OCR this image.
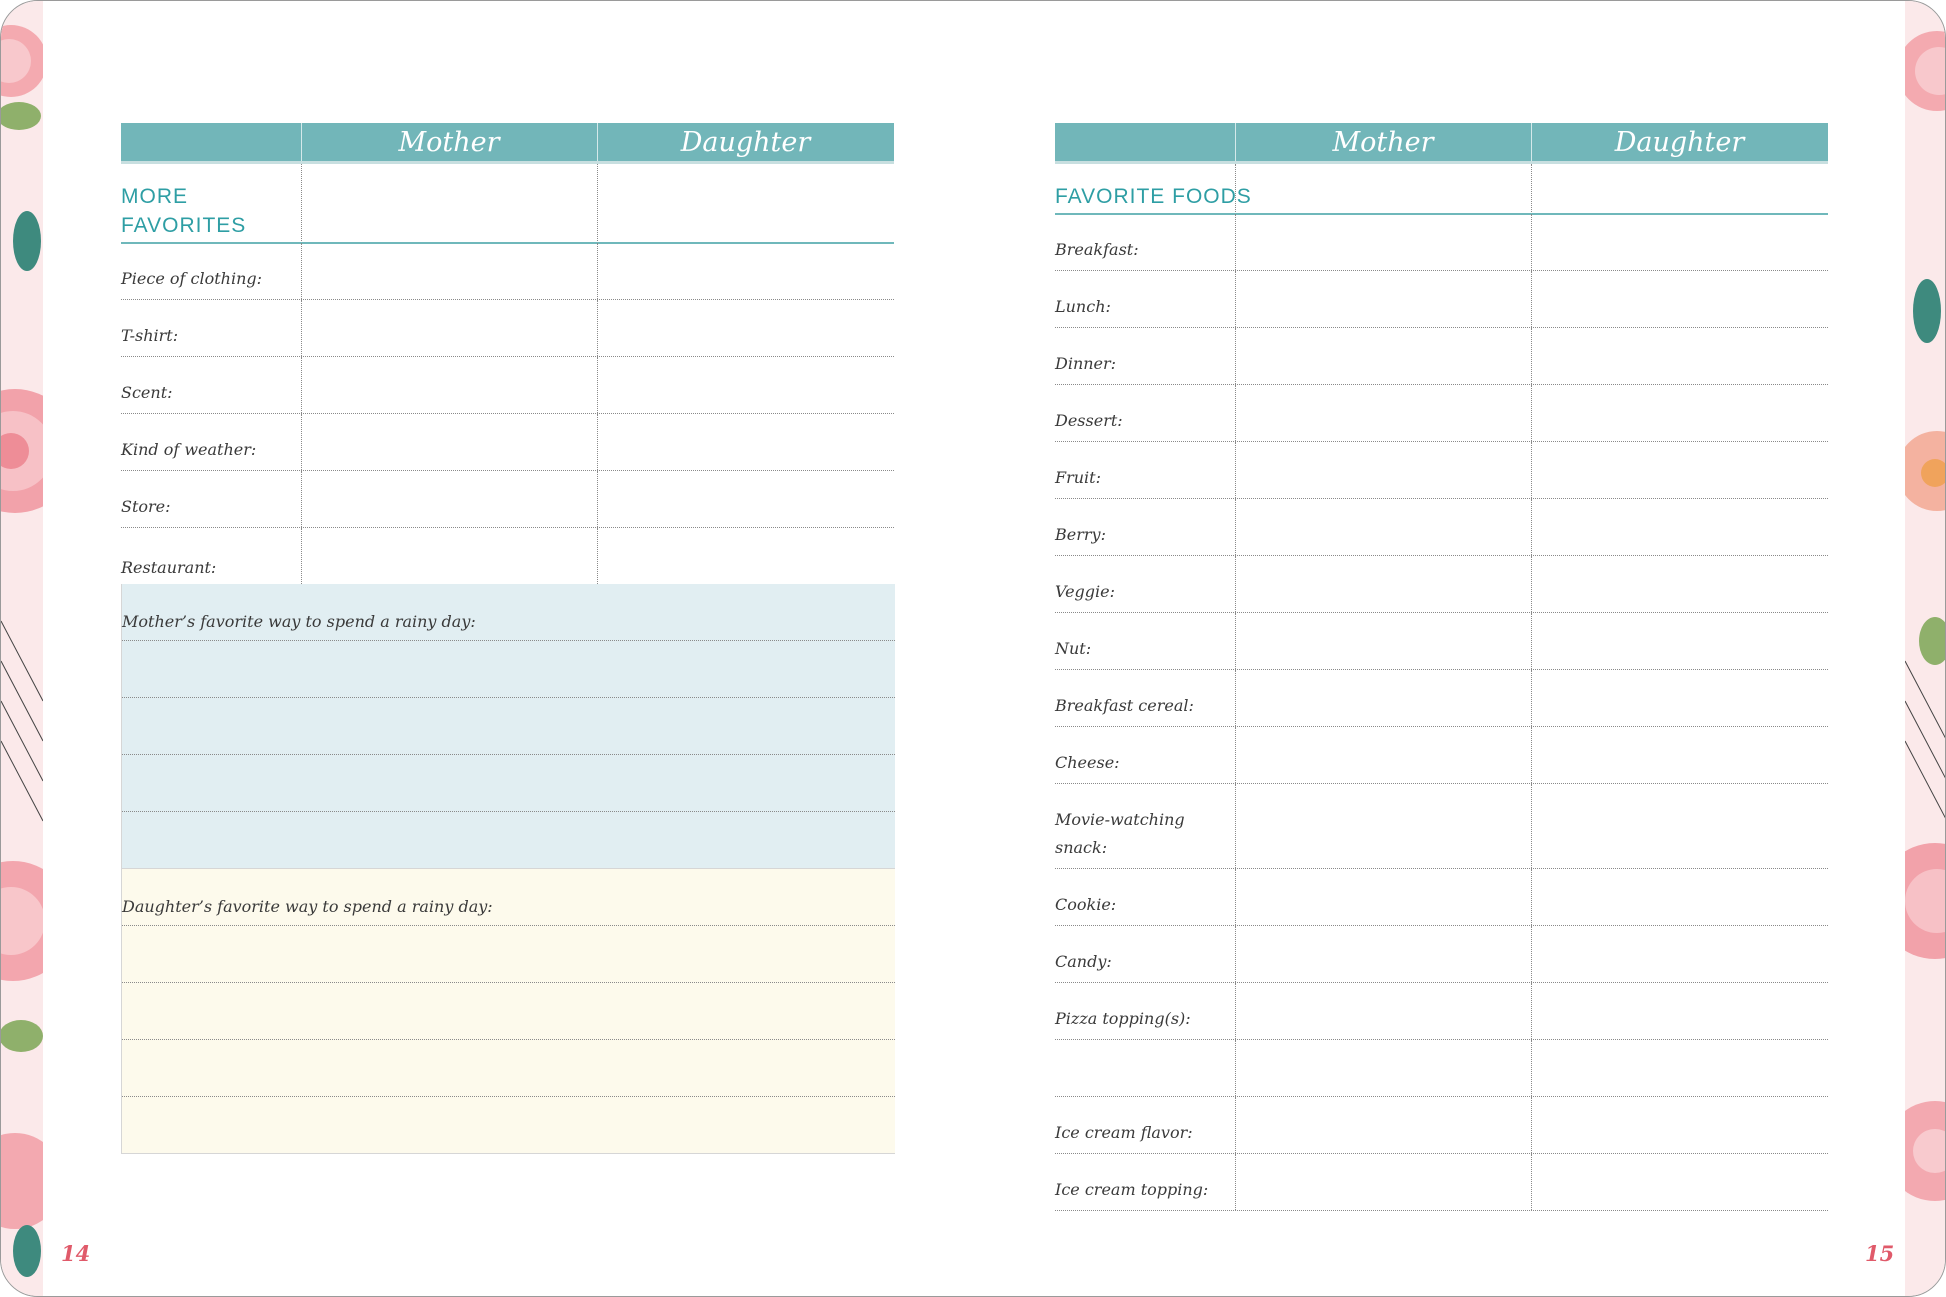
Mother	Daughter
MORE
FAVORITES
Piece of clothing:
T-shirt:
Scent:
Kind of weather:
Store:
Restaurant:
Mother’s favorite way to spend a rainy day:
Daughter’s favorite way to spend a rainy day:
Mother	Daughter
FAVORITE FOODS
Breakfast:
Lunch:
Dinner:
Dessert:
Fruit:
Berry:
Veggie:
Nut:
Breakfast cereal:
Cheese:
Movie-watching
snack:
Cookie:
Candy:
Pizza topping(s):
Ice cream flavor:
Ice cream topping:
14	15
